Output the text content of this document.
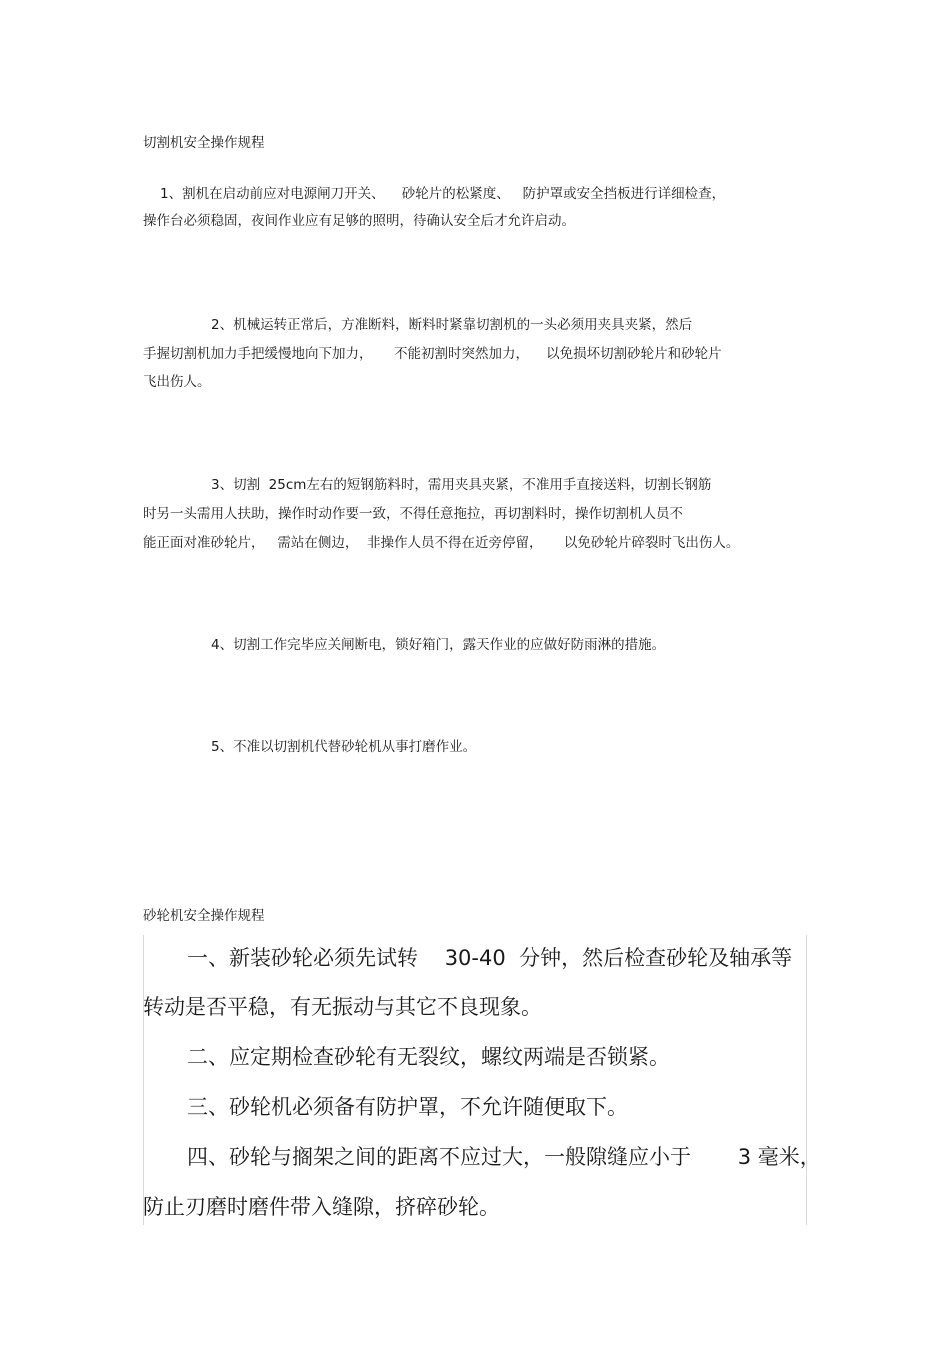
切割机安全操作规程
1、割机在启动前应对电源闸刀开关、    砂轮片的松紧度、   防护罩或安全挡板进行详细检查，
操作台必须稳固，夜间作业应有足够的照明，待确认安全后才允许启动。
2、机械运转正常后，方准断料，断料时紧靠切割机的一头必须用夹具夹紧，然后
手握切割机加力手把缓慢地向下加力，     不能初割时突然加力，    以免损坏切割砂轮片和砂轮片
飞出伤人。
3、切割  25cm左右的短钢筋料时，需用夹具夹紧，不准用手直接送料，切割长钢筋
时另一头需用人扶助，操作时动作要一致，不得任意拖拉，再切割料时，操作切割机人员不
能正面对准砂轮片，   需站在侧边，  非操作人员不得在近旁停留，     以免砂轮片碎裂时飞出伤人。
4、切割工作完毕应关闸断电，锁好箱门，露天作业的应做好防雨淋的措施。
5、不准以切割机代替砂轮机从事打磨作业。
砂轮机安全操作规程
一、新装砂轮必须先试转    30-40  分钟，然后检查砂轮及轴承等
转动是否平稳，有无振动与其它不良现象。
二、应定期检查砂轮有无裂纹，螺纹两端是否锁紧。
三、砂轮机必须备有防护罩，不允许随便取下。
四、砂轮与搁架之间的距离不应过大，一般隙缝应小于       3 毫米，
防止刃磨时磨件带入缝隙，挤碎砂轮。
